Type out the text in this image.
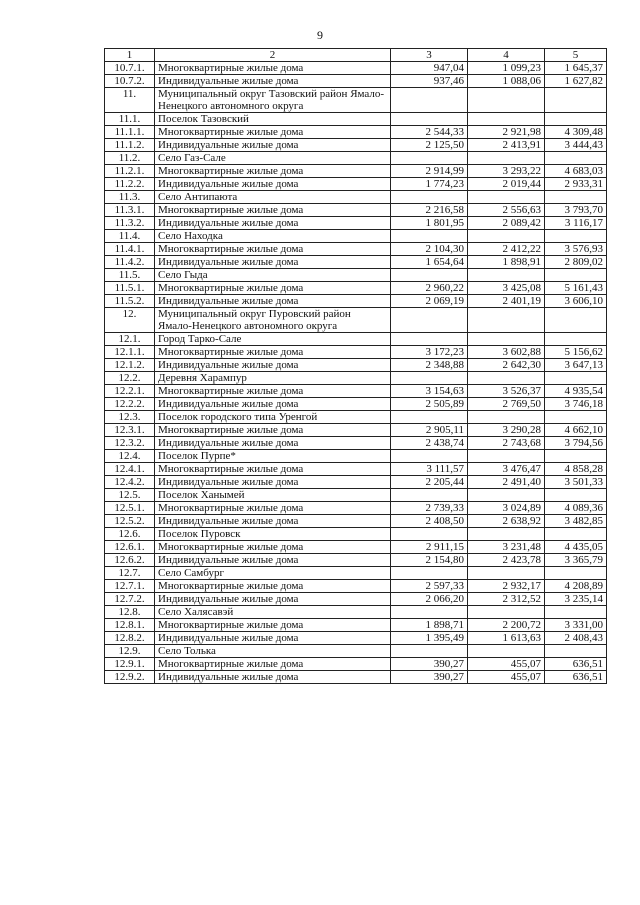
9
1	2	3	4	5
10.7.1.	Многоквартирные жилые дома	947,04	1 099,23	1 645,37
10.7.2.	Индивидуальные жилые дома	937,46	1 088,06	1 627,82
11.	Муниципальный округ Тазовский район Ямало-Ненецкого автономного округа			
11.1.	Поселок Тазовский			
11.1.1.	Многоквартирные жилые дома	2 544,33	2 921,98	4 309,48
11.1.2.	Индивидуальные жилые дома	2 125,50	2 413,91	3 444,43
11.2.	Село Газ-Сале			
11.2.1.	Многоквартирные жилые дома	2 914,99	3 293,22	4 683,03
11.2.2.	Индивидуальные жилые дома	1 774,23	2 019,44	2 933,31
11.3.	Село Антипаюта			
11.3.1.	Многоквартирные жилые дома	2 216,58	2 556,63	3 793,70
11.3.2.	Индивидуальные жилые дома	1 801,95	2 089,42	3 116,17
11.4.	Село Находка			
11.4.1.	Многоквартирные жилые дома	2 104,30	2 412,22	3 576,93
11.4.2.	Индивидуальные жилые дома	1 654,64	1 898,91	2 809,02
11.5.	Село Гыда			
11.5.1.	Многоквартирные жилые дома	2 960,22	3 425,08	5 161,43
11.5.2.	Индивидуальные жилые дома	2 069,19	2 401,19	3 606,10
12.	Муниципальный округ Пуровский район Ямало-Ненецкого автономного округа			
12.1.	Город Тарко-Сале			
12.1.1.	Многоквартирные жилые дома	3 172,23	3 602,88	5 156,62
12.1.2.	Индивидуальные жилые дома	2 348,88	2 642,30	3 647,13
12.2.	Деревня Харампур			
12.2.1.	Многоквартирные жилые дома	3 154,63	3 526,37	4 935,54
12.2.2.	Индивидуальные жилые дома	2 505,89	2 769,50	3 746,18
12.3.	Поселок городского типа Уренгой			
12.3.1.	Многоквартирные жилые дома	2 905,11	3 290,28	4 662,10
12.3.2.	Индивидуальные жилые дома	2 438,74	2 743,68	3 794,56
12.4.	Поселок Пурпе*			
12.4.1.	Многоквартирные жилые дома	3 111,57	3 476,47	4 858,28
12.4.2.	Индивидуальные жилые дома	2 205,44	2 491,40	3 501,33
12.5.	Поселок Ханымей			
12.5.1.	Многоквартирные жилые дома	2 739,33	3 024,89	4 089,36
12.5.2.	Индивидуальные жилые дома	2 408,50	2 638,92	3 482,85
12.6.	Поселок Пуровск			
12.6.1.	Многоквартирные жилые дома	2 911,15	3 231,48	4 435,05
12.6.2.	Индивидуальные жилые дома	2 154,80	2 423,78	3 365,79
12.7.	Село Самбург			
12.7.1.	Многоквартирные жилые дома	2 597,33	2 932,17	4 208,89
12.7.2.	Индивидуальные жилые дома	2 066,20	2 312,52	3 235,14
12.8.	Село Халясавэй			
12.8.1.	Многоквартирные жилые дома	1 898,71	2 200,72	3 331,00
12.8.2.	Индивидуальные жилые дома	1 395,49	1 613,63	2 408,43
12.9.	Село Толька			
12.9.1.	Многоквартирные жилые дома	390,27	455,07	636,51
12.9.2.	Индивидуальные жилые дома	390,27	455,07	636,51
